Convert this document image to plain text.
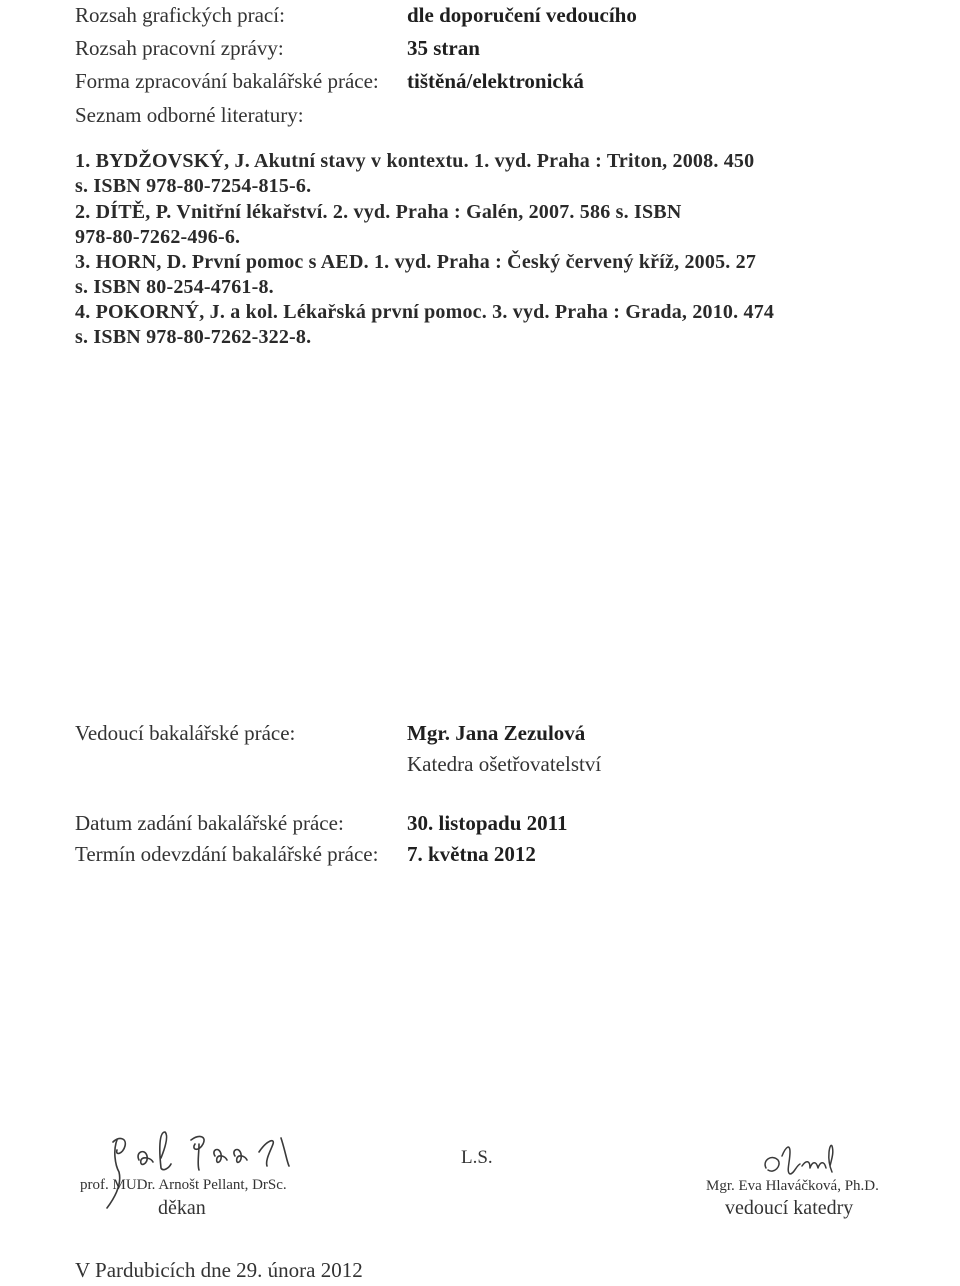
Rozsah grafických prací:	dle doporučení vedoucího
Rozsah pracovní zprávy:	35 stran
Forma zpracování bakalářské práce: tištěná/elektronická
Seznam odborné literatury:
1. BYDŽOVSKÝ, J. Akutní stavy v kontextu. 1. vyd. Praha : Triton, 2008. 450
s. ISBN 978-80-7254-815-6.
2. DÍTĚ, P. Vnitřní lékařství. 2. vyd. Praha : Galén, 2007. 586 s. ISBN
978-80-7262-496-6.
3. HORN, D. První pomoc s AED. 1. vyd. Praha : Český červený kříž, 2005. 27
s. ISBN 80-254-4761-8.
4. POKORNÝ, J. a kol. Lékařská první pomoc. 3. vyd. Praha : Grada, 2010. 474
s. ISBN 978-80-7262-322-8.
Vedoucí bakalářské práce:	Mgr. Jana Zezulová
Katedra ošetřovatelství
Datum zadání bakalářské práce:	30. listopadu 2011
Termín odevzdání bakalářské práce: 7. května 2012
prof. MUDr. Arnošt Pellant, DrSc.
děkan
L.S.
Mgr. Eva Hlaváčková, Ph.D.
vedoucí katedry
V Pardubicích dne 29. února 2012
